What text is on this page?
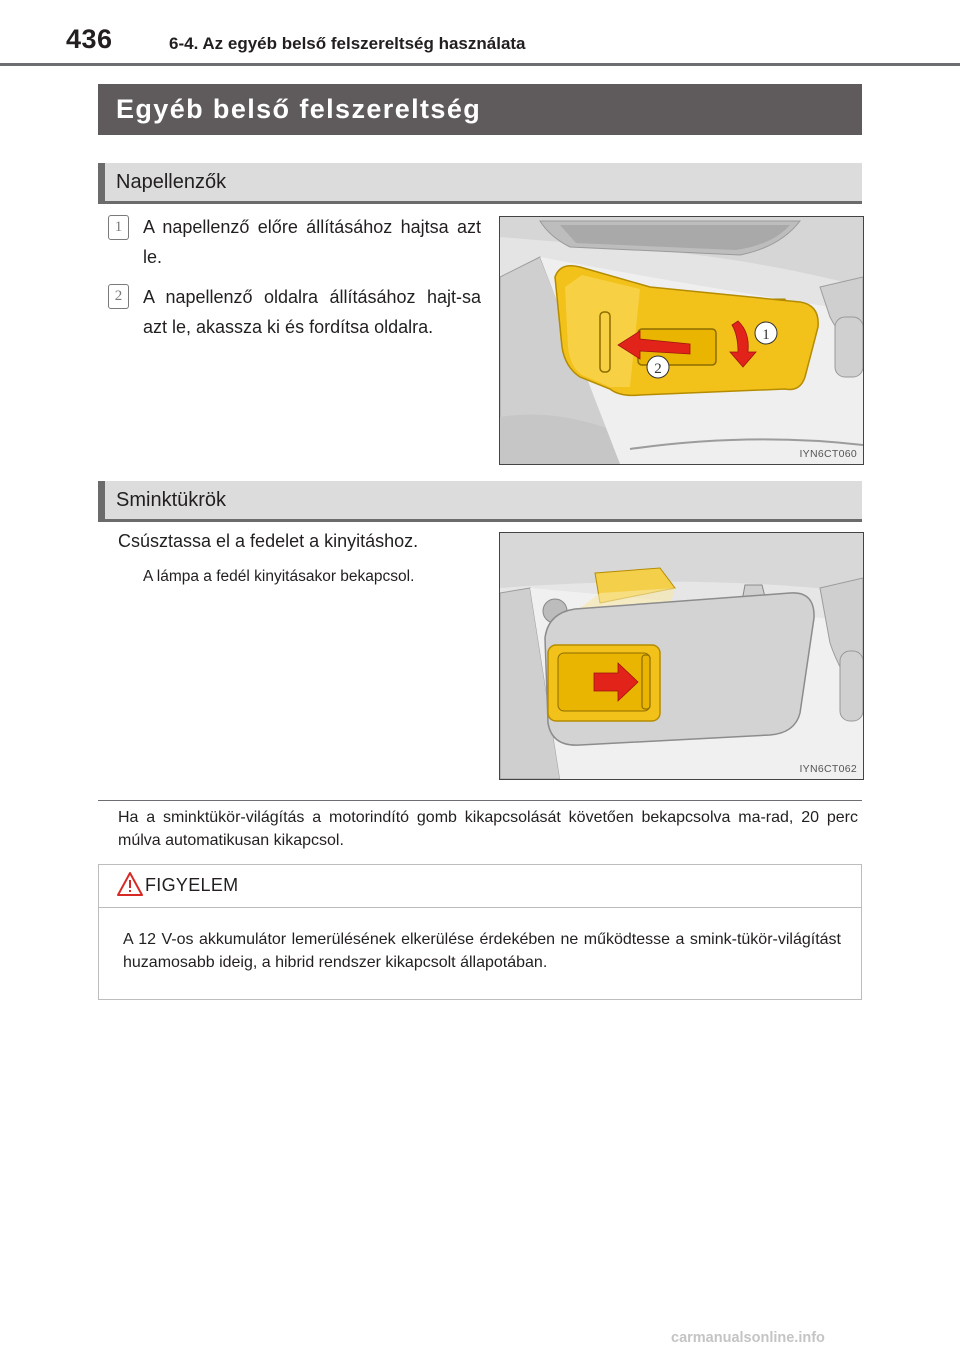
436	6-4. Az egyéb belső felszereltség használata
Egyéb belső felszereltség
Napellenzők
1	A napellenző előre állításához hajtsa azt le.
2	A napellenző oldalra állításához hajt-sa azt le, akassza ki és fordítsa oldalra.	1
2
IYN6CT060
Sminktükrök
Csúsztassa el a fedelet a kinyitáshoz.
A lámpa a fedél kinyitásakor bekapcsol.
IYN6CT062
Ha a sminktükör-világítás a motorindító gomb kikapcsolását követően bekapcsolva ma-rad, 20 perc múlva automatikusan kikapcsol.
FIGYELEM
A 12 V-os akkumulátor lemerülésének elkerülése érdekében ne működtesse a smink-tükör-világítást huzamosabb ideig, a hibrid rendszer kikapcsolt állapotában.
carmanualsonline.info
